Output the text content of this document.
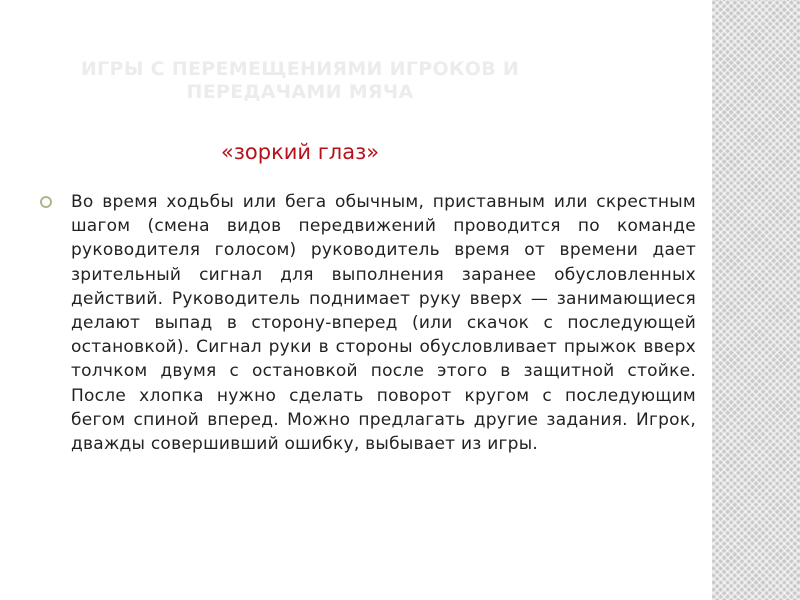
ИГРЫ С ПЕРЕМЕЩЕНИЯМИ ИГРОКОВ И ПЕРЕДАЧАМИ МЯЧА
«зоркий глаз»
Во время ходьбы или бега обычным, приставным или скрестным шагом (смена видов передвижений проводится по команде руководителя голосом) руководитель время от времени дает зрительный сигнал для выполнения заранее обусловленных действий. Руководитель поднимает руку вверх — занимающиеся делают выпад в сторону-вперед (или скачок с последующей остановкой). Сигнал руки в стороны обусловливает прыжок вверх толчком двумя с остановкой после этого в защитной стойке. После хлопка нужно сделать поворот кругом с последующим бегом спиной вперед. Можно предлагать другие задания. Игрок, дважды совершивший ошибку, выбывает из игры.
